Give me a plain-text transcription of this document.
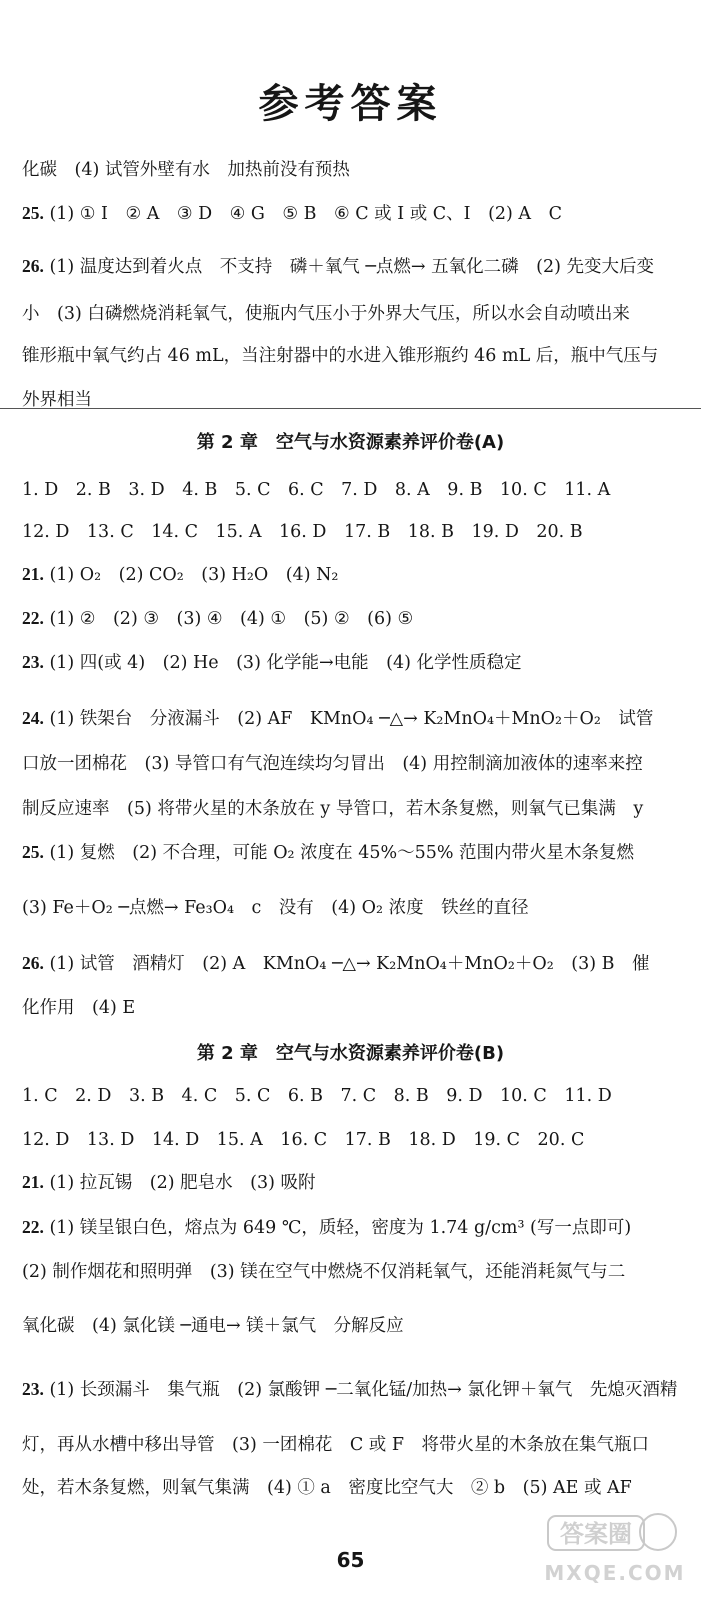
参考答案
化碳　(4) 试管外壁有水　加热前没有预热
25. (1) ① I　② A　③ D　④ G　⑤ B　⑥ C 或 I 或 C、I　(2) A　C
26. (1) 温度达到着火点　不支持　磷＋氧气 ─点燃→ 五氧化二磷　(2) 先变大后变
小　(3) 白磷燃烧消耗氧气，使瓶内气压小于外界大气压，所以水会自动喷出来
锥形瓶中氧气约占 46 mL，当注射器中的水进入锥形瓶约 46 mL 后，瓶中气压与
外界相当
第 2 章　空气与水资源素养评价卷(A)
1. D　2. B　3. D　4. B　5. C　6. C　7. D　8. A　9. B　10. C　11. A
12. D　13. C　14. C　15. A　16. D　17. B　18. B　19. D　20. B
21. (1) O₂　(2) CO₂　(3) H₂O　(4) N₂
22. (1) ②　(2) ③　(3) ④　(4) ①　(5) ②　(6) ⑤
23. (1) 四(或 4)　(2) He　(3) 化学能→电能　(4) 化学性质稳定
24. (1) 铁架台　分液漏斗　(2) AF　KMnO₄ ─△→ K₂MnO₄＋MnO₂＋O₂　试管
口放一团棉花　(3) 导管口有气泡连续均匀冒出　(4) 用控制滴加液体的速率来控
制反应速率　(5) 将带火星的木条放在 y 导管口，若木条复燃，则氧气已集满　y
25. (1) 复燃　(2) 不合理，可能 O₂ 浓度在 45%～55% 范围内带火星木条复燃
(3) Fe＋O₂ ─点燃→ Fe₃O₄　c　没有　(4) O₂ 浓度　铁丝的直径
26. (1) 试管　酒精灯　(2) A　KMnO₄ ─△→ K₂MnO₄＋MnO₂＋O₂　(3) B　催
化作用　(4) E
第 2 章　空气与水资源素养评价卷(B)
1. C　2. D　3. B　4. C　5. C　6. B　7. C　8. B　9. D　10. C　11. D
12. D　13. D　14. D　15. A　16. C　17. B　18. D　19. C　20. C
21. (1) 拉瓦锡　(2) 肥皂水　(3) 吸附
22. (1) 镁呈银白色，熔点为 649 ℃，质轻，密度为 1.74 g/cm³ (写一点即可)
(2) 制作烟花和照明弹　(3) 镁在空气中燃烧不仅消耗氧气，还能消耗氮气与二
氧化碳　(4) 氯化镁 ─通电→ 镁＋氯气　分解反应
23. (1) 长颈漏斗　集气瓶　(2) 氯酸钾 ─二氧化锰/加热→ 氯化钾＋氧气　先熄灭酒精
灯，再从水槽中移出导管　(3) 一团棉花　C 或 F　将带火星的木条放在集气瓶口
处，若木条复燃，则氧气集满　(4) ① a　密度比空气大　② b　(5) AE 或 AF
65
答案圈
MXQE.COM
